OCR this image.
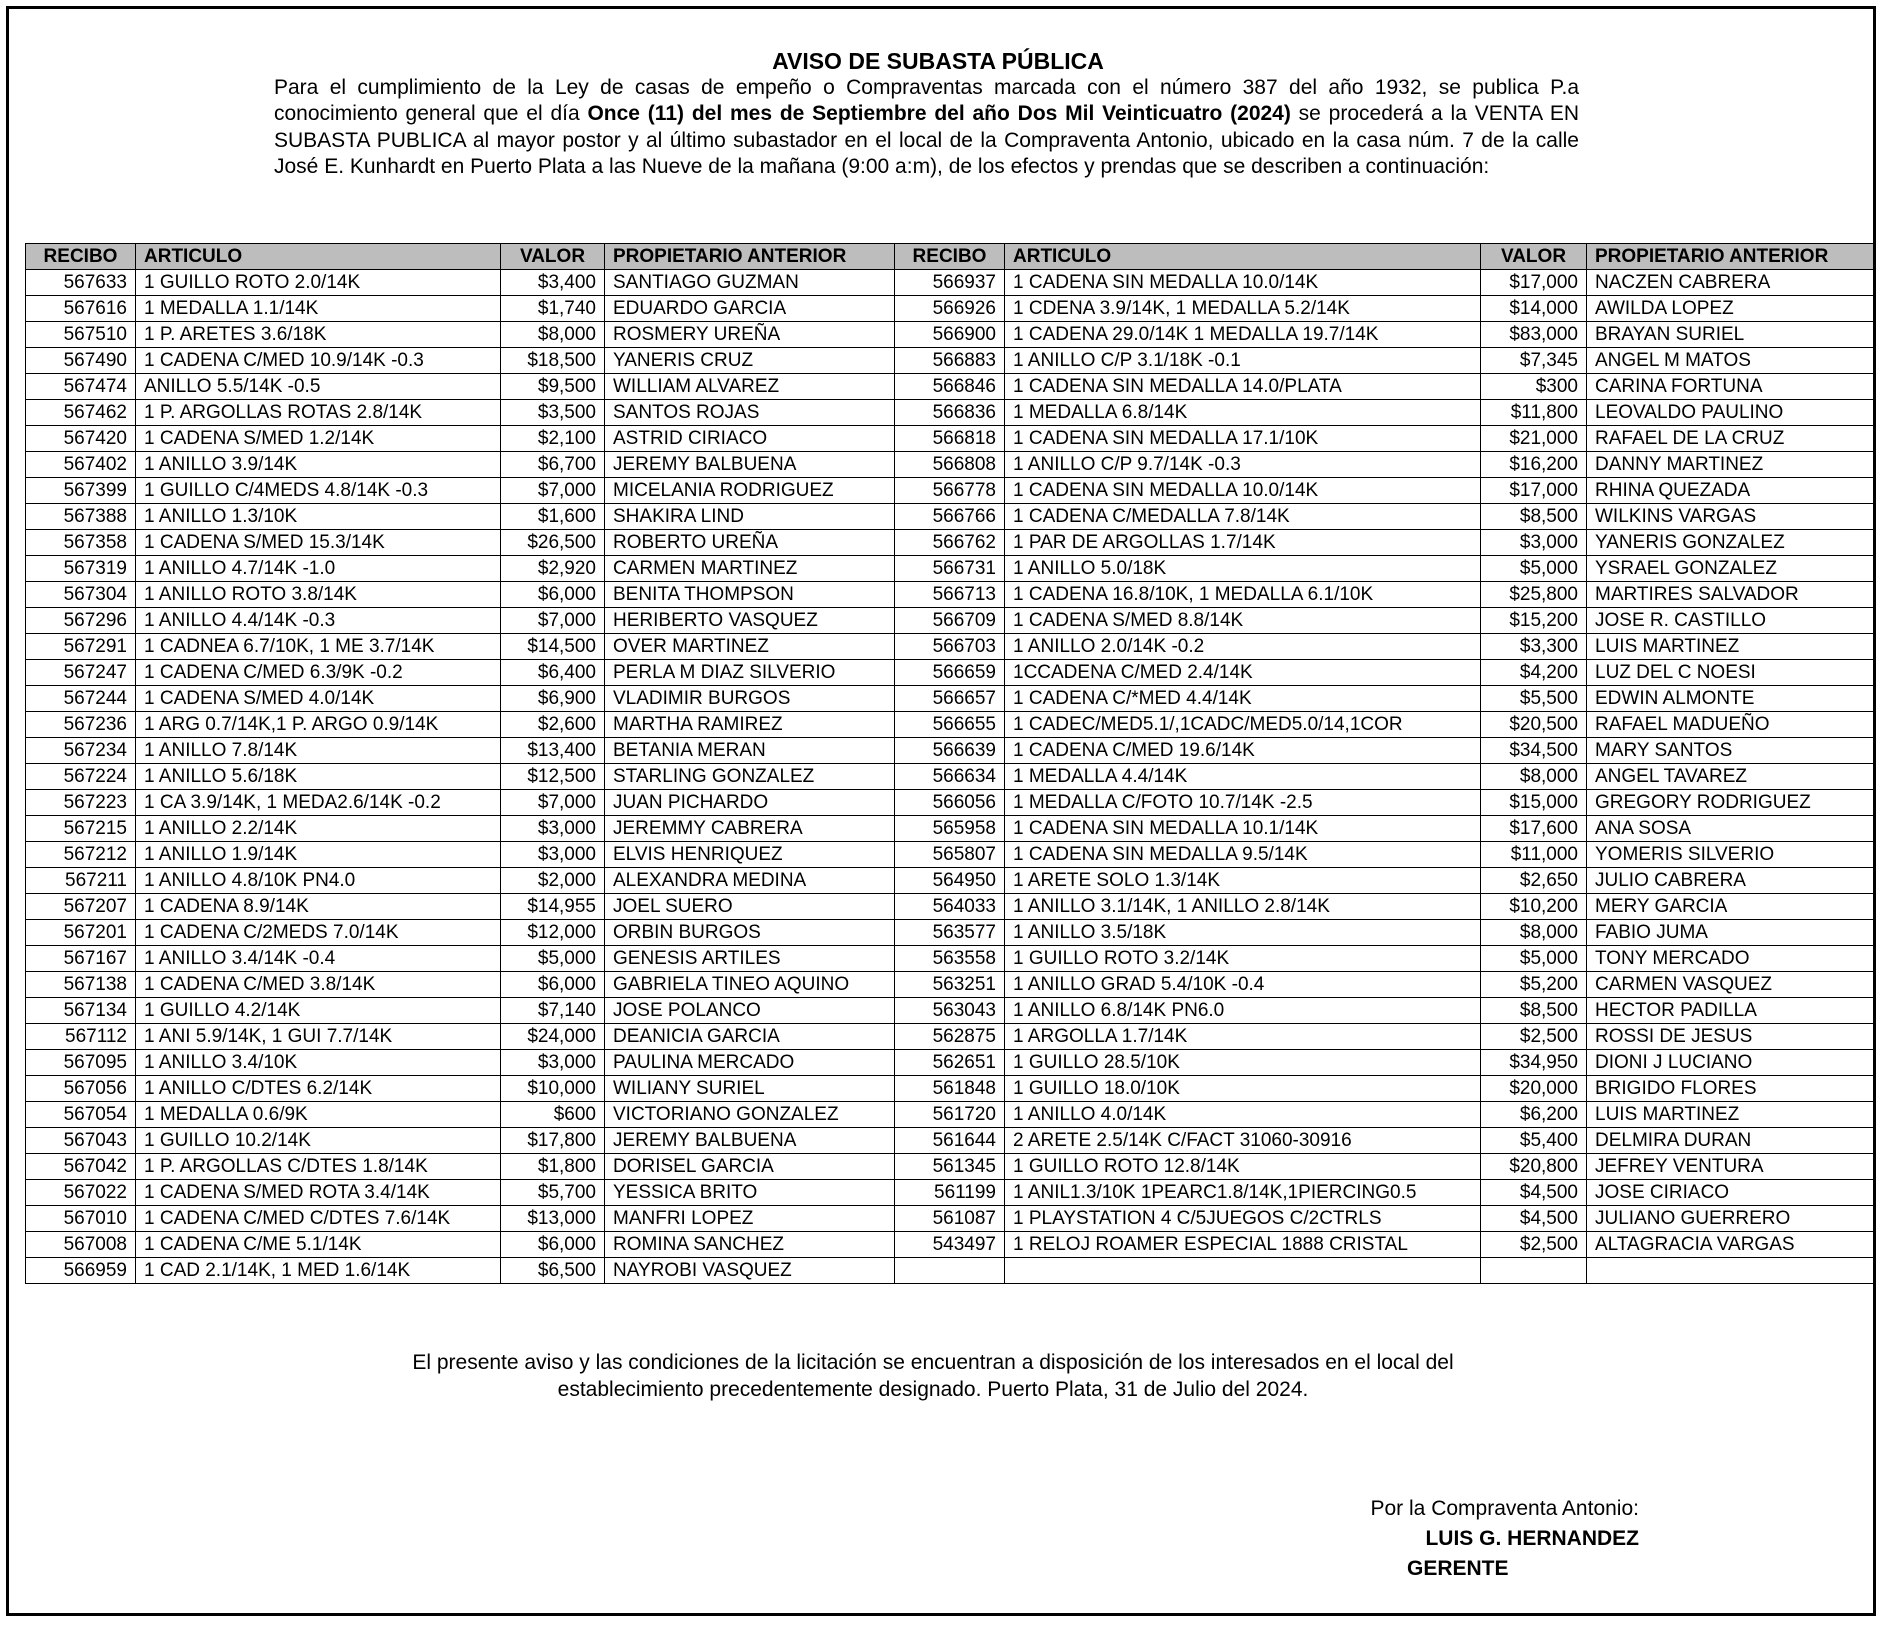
AVISO DE SUBASTA PÚBLICA
Para el cumplimiento de la Ley de casas de empeño o Compraventas marcada con el número 387 del año 1932, se publica P.a conocimiento general que el día Once (11) del mes de Septiembre del año Dos Mil Veinticuatro (2024) se procederá a la VENTA EN SUBASTA PUBLICA al mayor postor y al último subastador en el local de la Compraventa Antonio, ubicado en la casa núm. 7 de la calle José E. Kunhardt en Puerto Plata a las Nueve de la mañana (9:00 a:m), de los efectos y prendas que se describen a continuación:
RECIBO	ARTICULO	VALOR	PROPIETARIO ANTERIOR	RECIBO	ARTICULO	VALOR	PROPIETARIO ANTERIOR
567633	1 GUILLO ROTO 2.0/14K	$3,400	SANTIAGO GUZMAN	566937	1 CADENA SIN MEDALLA 10.0/14K	$17,000	NACZEN CABRERA
567616	1 MEDALLA 1.1/14K	$1,740	EDUARDO GARCIA	566926	1 CDENA 3.9/14K, 1 MEDALLA 5.2/14K	$14,000	AWILDA LOPEZ
567510	1 P. ARETES 3.6/18K	$8,000	ROSMERY UREÑA	566900	1 CADENA 29.0/14K 1 MEDALLA 19.7/14K	$83,000	BRAYAN SURIEL
567490	1 CADENA C/MED 10.9/14K -0.3	$18,500	YANERIS CRUZ	566883	1 ANILLO C/P 3.1/18K -0.1	$7,345	ANGEL M MATOS
567474	ANILLO 5.5/14K -0.5	$9,500	WILLIAM ALVAREZ	566846	1 CADENA SIN MEDALLA 14.0/PLATA	$300	CARINA FORTUNA
567462	1 P. ARGOLLAS ROTAS 2.8/14K	$3,500	SANTOS ROJAS	566836	1 MEDALLA 6.8/14K	$11,800	LEOVALDO PAULINO
567420	1 CADENA S/MED 1.2/14K	$2,100	ASTRID CIRIACO	566818	1 CADENA SIN MEDALLA 17.1/10K	$21,000	RAFAEL DE LA CRUZ
567402	1 ANILLO 3.9/14K	$6,700	JEREMY BALBUENA	566808	1 ANILLO C/P 9.7/14K -0.3	$16,200	DANNY MARTINEZ
567399	1 GUILLO C/4MEDS 4.8/14K -0.3	$7,000	MICELANIA RODRIGUEZ	566778	1 CADENA SIN MEDALLA 10.0/14K	$17,000	RHINA QUEZADA
567388	1 ANILLO 1.3/10K	$1,600	SHAKIRA LIND	566766	1 CADENA C/MEDALLA 7.8/14K	$8,500	WILKINS VARGAS
567358	1 CADENA S/MED 15.3/14K	$26,500	ROBERTO UREÑA	566762	1 PAR DE ARGOLLAS 1.7/14K	$3,000	YANERIS GONZALEZ
567319	1 ANILLO 4.7/14K -1.0	$2,920	CARMEN MARTINEZ	566731	1 ANILLO 5.0/18K	$5,000	YSRAEL GONZALEZ
567304	1 ANILLO ROTO 3.8/14K	$6,000	BENITA THOMPSON	566713	1 CADENA 16.8/10K, 1 MEDALLA 6.1/10K	$25,800	MARTIRES SALVADOR
567296	1 ANILLO 4.4/14K -0.3	$7,000	HERIBERTO VASQUEZ	566709	1 CADENA S/MED 8.8/14K	$15,200	JOSE R. CASTILLO
567291	1 CADNEA 6.7/10K, 1 ME 3.7/14K	$14,500	OVER MARTINEZ	566703	1 ANILLO 2.0/14K -0.2	$3,300	LUIS MARTINEZ
567247	1 CADENA C/MED 6.3/9K -0.2	$6,400	PERLA M DIAZ SILVERIO	566659	1CCADENA C/MED 2.4/14K	$4,200	LUZ DEL C NOESI
567244	1 CADENA S/MED 4.0/14K	$6,900	VLADIMIR BURGOS	566657	1 CADENA C/*MED 4.4/14K	$5,500	EDWIN ALMONTE
567236	1 ARG 0.7/14K,1 P. ARGO 0.9/14K	$2,600	MARTHA RAMIREZ	566655	1 CADEC/MED5.1/,1CADC/MED5.0/14,1COR	$20,500	RAFAEL MADUEÑO
567234	1 ANILLO 7.8/14K	$13,400	BETANIA MERAN	566639	1 CADENA C/MED 19.6/14K	$34,500	MARY SANTOS
567224	1 ANILLO 5.6/18K	$12,500	STARLING GONZALEZ	566634	1 MEDALLA 4.4/14K	$8,000	ANGEL TAVAREZ
567223	1 CA 3.9/14K, 1 MEDA2.6/14K -0.2	$7,000	JUAN PICHARDO	566056	1 MEDALLA C/FOTO 10.7/14K -2.5	$15,000	GREGORY RODRIGUEZ
567215	1 ANILLO 2.2/14K	$3,000	JEREMMY CABRERA	565958	1 CADENA SIN MEDALLA 10.1/14K	$17,600	ANA SOSA
567212	1 ANILLO 1.9/14K	$3,000	ELVIS HENRIQUEZ	565807	1 CADENA SIN MEDALLA 9.5/14K	$11,000	YOMERIS SILVERIO
567211	1 ANILLO 4.8/10K PN4.0	$2,000	ALEXANDRA MEDINA	564950	1 ARETE SOLO 1.3/14K	$2,650	JULIO CABRERA
567207	1 CADENA 8.9/14K	$14,955	JOEL SUERO	564033	1 ANILLO 3.1/14K, 1 ANILLO 2.8/14K	$10,200	MERY GARCIA
567201	1 CADENA C/2MEDS 7.0/14K	$12,000	ORBIN BURGOS	563577	1 ANILLO 3.5/18K	$8,000	FABIO JUMA
567167	1 ANILLO 3.4/14K -0.4	$5,000	GENESIS ARTILES	563558	1 GUILLO ROTO 3.2/14K	$5,000	TONY MERCADO
567138	1 CADENA C/MED 3.8/14K	$6,000	GABRIELA TINEO AQUINO	563251	1 ANILLO GRAD 5.4/10K -0.4	$5,200	CARMEN VASQUEZ
567134	1 GUILLO 4.2/14K	$7,140	JOSE POLANCO	563043	1 ANILLO 6.8/14K PN6.0	$8,500	HECTOR PADILLA
567112	1 ANI 5.9/14K, 1 GUI 7.7/14K	$24,000	DEANICIA GARCIA	562875	1 ARGOLLA 1.7/14K	$2,500	ROSSI DE JESUS
567095	1 ANILLO 3.4/10K	$3,000	PAULINA MERCADO	562651	1 GUILLO 28.5/10K	$34,950	DIONI J LUCIANO
567056	1 ANILLO C/DTES 6.2/14K	$10,000	WILIANY SURIEL	561848	1 GUILLO 18.0/10K	$20,000	BRIGIDO FLORES
567054	1 MEDALLA 0.6/9K	$600	VICTORIANO GONZALEZ	561720	1 ANILLO 4.0/14K	$6,200	LUIS MARTINEZ
567043	1 GUILLO 10.2/14K	$17,800	JEREMY BALBUENA	561644	2 ARETE 2.5/14K C/FACT 31060-30916	$5,400	DELMIRA DURAN
567042	1 P. ARGOLLAS C/DTES 1.8/14K	$1,800	DORISEL GARCIA	561345	1 GUILLO ROTO 12.8/14K	$20,800	JEFREY VENTURA
567022	1 CADENA S/MED ROTA 3.4/14K	$5,700	YESSICA BRITO	561199	1 ANIL1.3/10K 1PEARC1.8/14K,1PIERCING0.5	$4,500	JOSE CIRIACO
567010	1 CADENA C/MED C/DTES 7.6/14K	$13,000	MANFRI LOPEZ	561087	1 PLAYSTATION 4 C/5JUEGOS C/2CTRLS	$4,500	JULIANO GUERRERO
567008	1 CADENA C/ME 5.1/14K	$6,000	ROMINA SANCHEZ	543497	1 RELOJ ROAMER ESPECIAL 1888 CRISTAL	$2,500	ALTAGRACIA VARGAS
566959	1 CAD 2.1/14K, 1 MED 1.6/14K	$6,500	NAYROBI VASQUEZ				
El presente aviso y las condiciones de la licitación se encuentran a disposición de los interesados en el local del
establecimiento precedentemente designado. Puerto Plata, 31 de Julio del 2024.
Por la Compraventa Antonio:
LUIS G. HERNANDEZ
GERENTE
